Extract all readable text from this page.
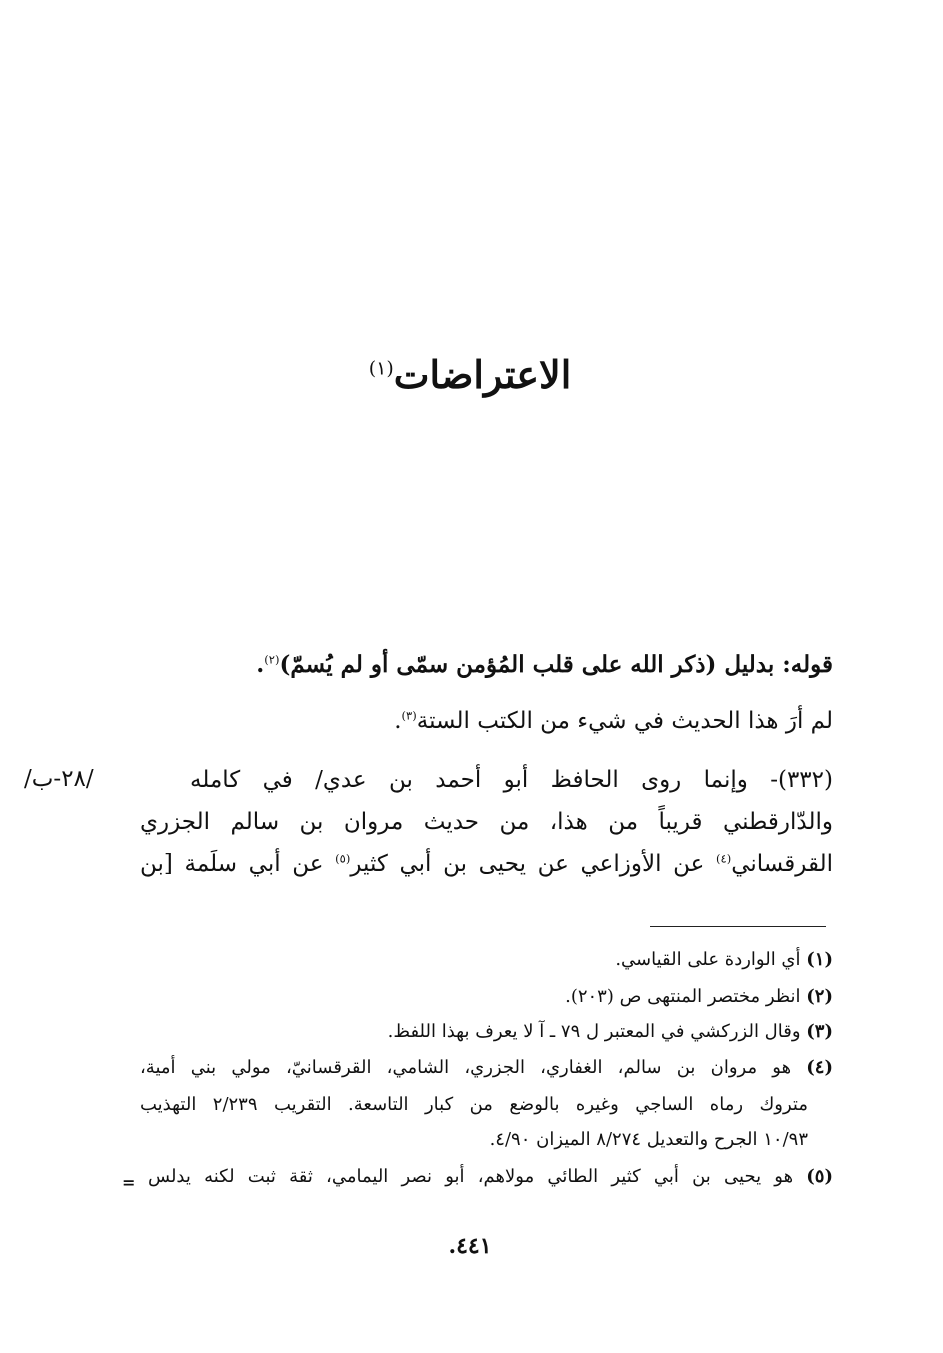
الاعتراضات$^{(١)}$
قوله: بدليل (ذكر الله على قلب المُؤمن سمّى أو لم يُسمّ)$^{(٢)}$.
لم أرَ هذا الحديث في شيء من الكتب الستة$^{(٣)}$.
/٢٨-ب/	(٣٣٢)- وإنما روى الحافظ أبو أحمد بن عدي/ في كامله
والدّارقطني قريباً من هذا، من حديث مروان بن سالم الجزري
القرقساني$^{(٤)}$ عن الأوزاعي عن يحيى بن أبي كثير$^{(٥)}$ عن أبي سلَمة [بن
(١) أي الواردة على القياسي.
(٢) انظر مختصر المنتهى ص (٢٠٣).
(٣) وقال الزركشي في المعتبر ل ٧٩ ـ آ لا يعرف بهذا اللفظ.
(٤) هو مروان بن سالم، الغفاري، الجزري، الشامي، القرقسانيّ، مولي بني أمية،
متروك رماه الساجي وغيره بالوضع من كبار التاسعة. التقريب ٢/٢٣٩ التهذيب
١٠/٩٣ الجرح والتعديل ٨/٢٧٤ الميزان ٤/٩٠.
(٥) هو يحيى بن أبي كثير الطائي مولاهم، أبو نصر اليمامي، ثقة ثبت لكنه يدلس
=
٤٤١.
